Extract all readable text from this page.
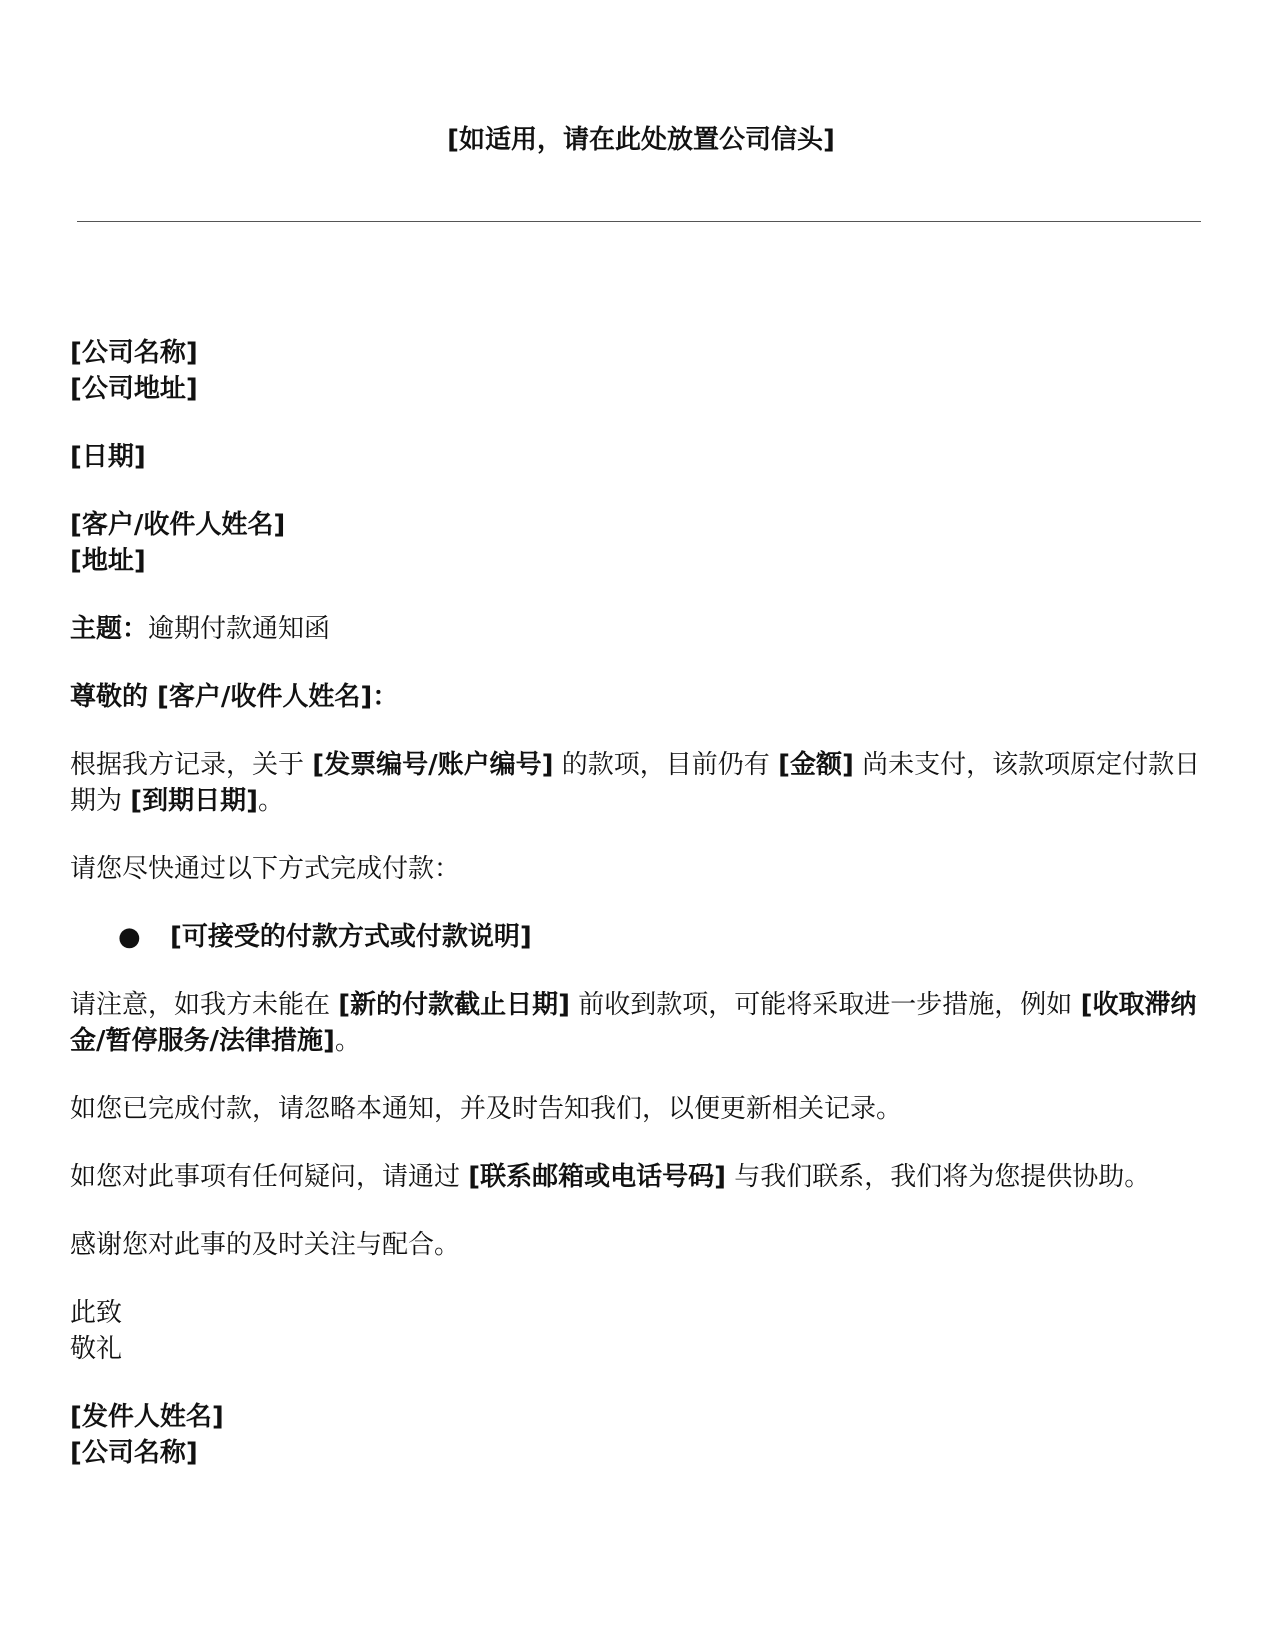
[如适用，请在此处放置公司信头]

[公司名称]
[公司地址]

[日期]

[客户/收件人姓名]
[地址]

主题：逾期付款通知函

尊敬的 [客户/收件人姓名]：

根据我方记录，关于 [发票编号/账户编号] 的款项，目前仍有 [金额] 尚未支付，该款项原定付款日期为 [到期日期]。

请您尽快通过以下方式完成付款：

● [可接受的付款方式或付款说明]

请注意，如我方未能在 [新的付款截止日期] 前收到款项，可能将采取进一步措施，例如 [收取滞纳金/暂停服务/法律措施]。

如您已完成付款，请忽略本通知，并及时告知我们，以便更新相关记录。

如您对此事项有任何疑问，请通过 [联系邮箱或电话号码] 与我们联系，我们将为您提供协助。

感谢您对此事的及时关注与配合。

此致
敬礼

[发件人姓名]
[公司名称]
